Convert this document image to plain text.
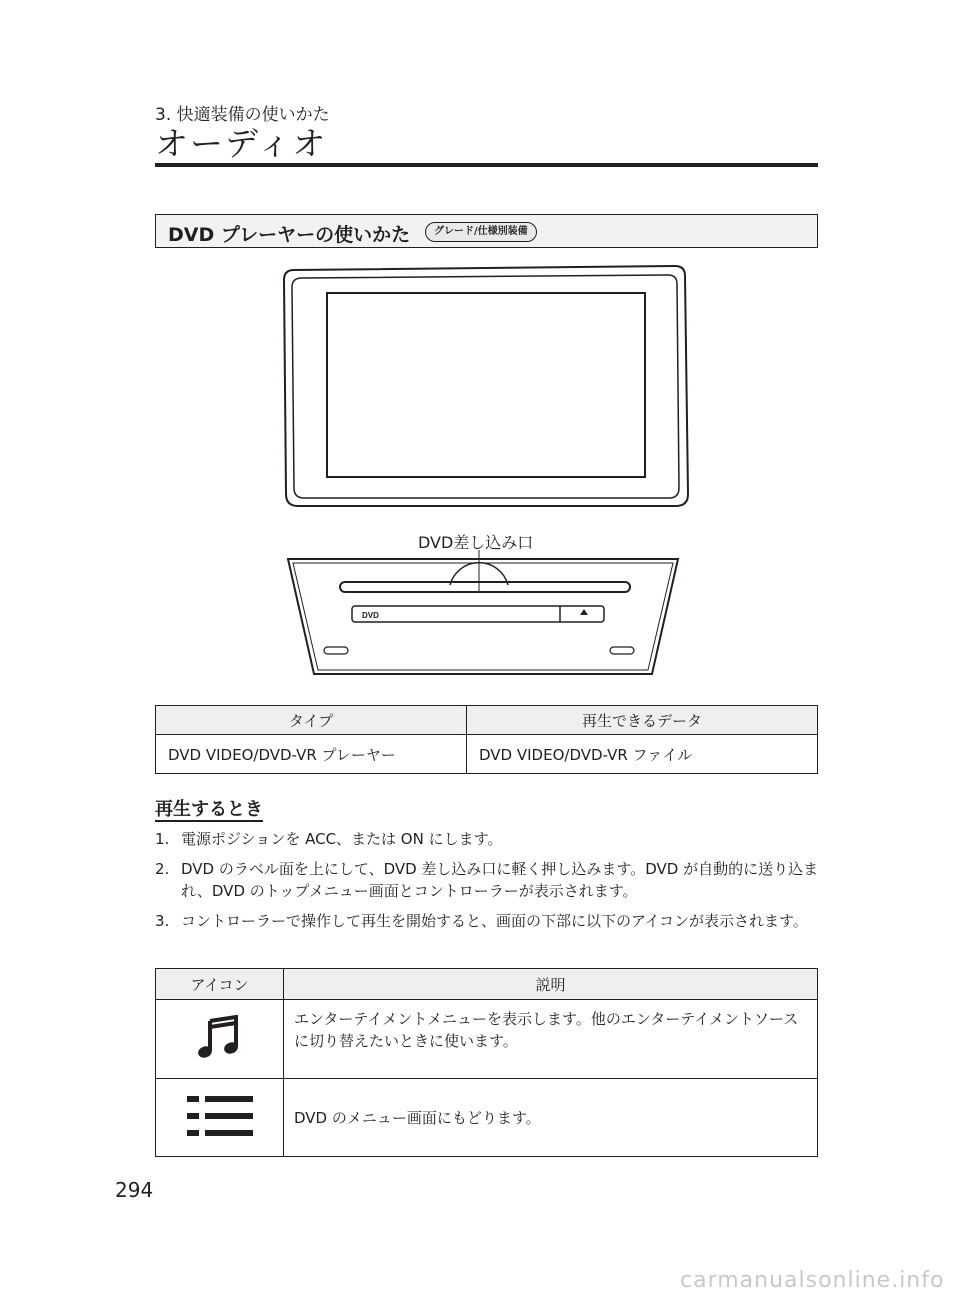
3. 快適装備の使いかた
オーディオ
DVD プレーヤーの使いかた	グレード/仕様別装備
DVD
DVD差し込み口
タイプ	再生できるデータ
DVD VIDEO/DVD-VR プレーヤー	DVD VIDEO/DVD-VR ファイル
再生するとき
1. 電源ポジションを ACC、または ON にします。
2. DVD のラベル面を上にして、DVD 差し込み口に軽く押し込みます。DVD が自動的に送り込まれ、DVD のトップメニュー画面とコントローラーが表示されます。
3. コントローラーで操作して再生を開始すると、画面の下部に以下のアイコンが表示されます。
アイコン	説明
	エンターテイメントメニューを表示します。他のエンターテイメントソースに切り替えたいときに使います。
	DVD のメニュー画面にもどります。
294
carmanualsonline.info
